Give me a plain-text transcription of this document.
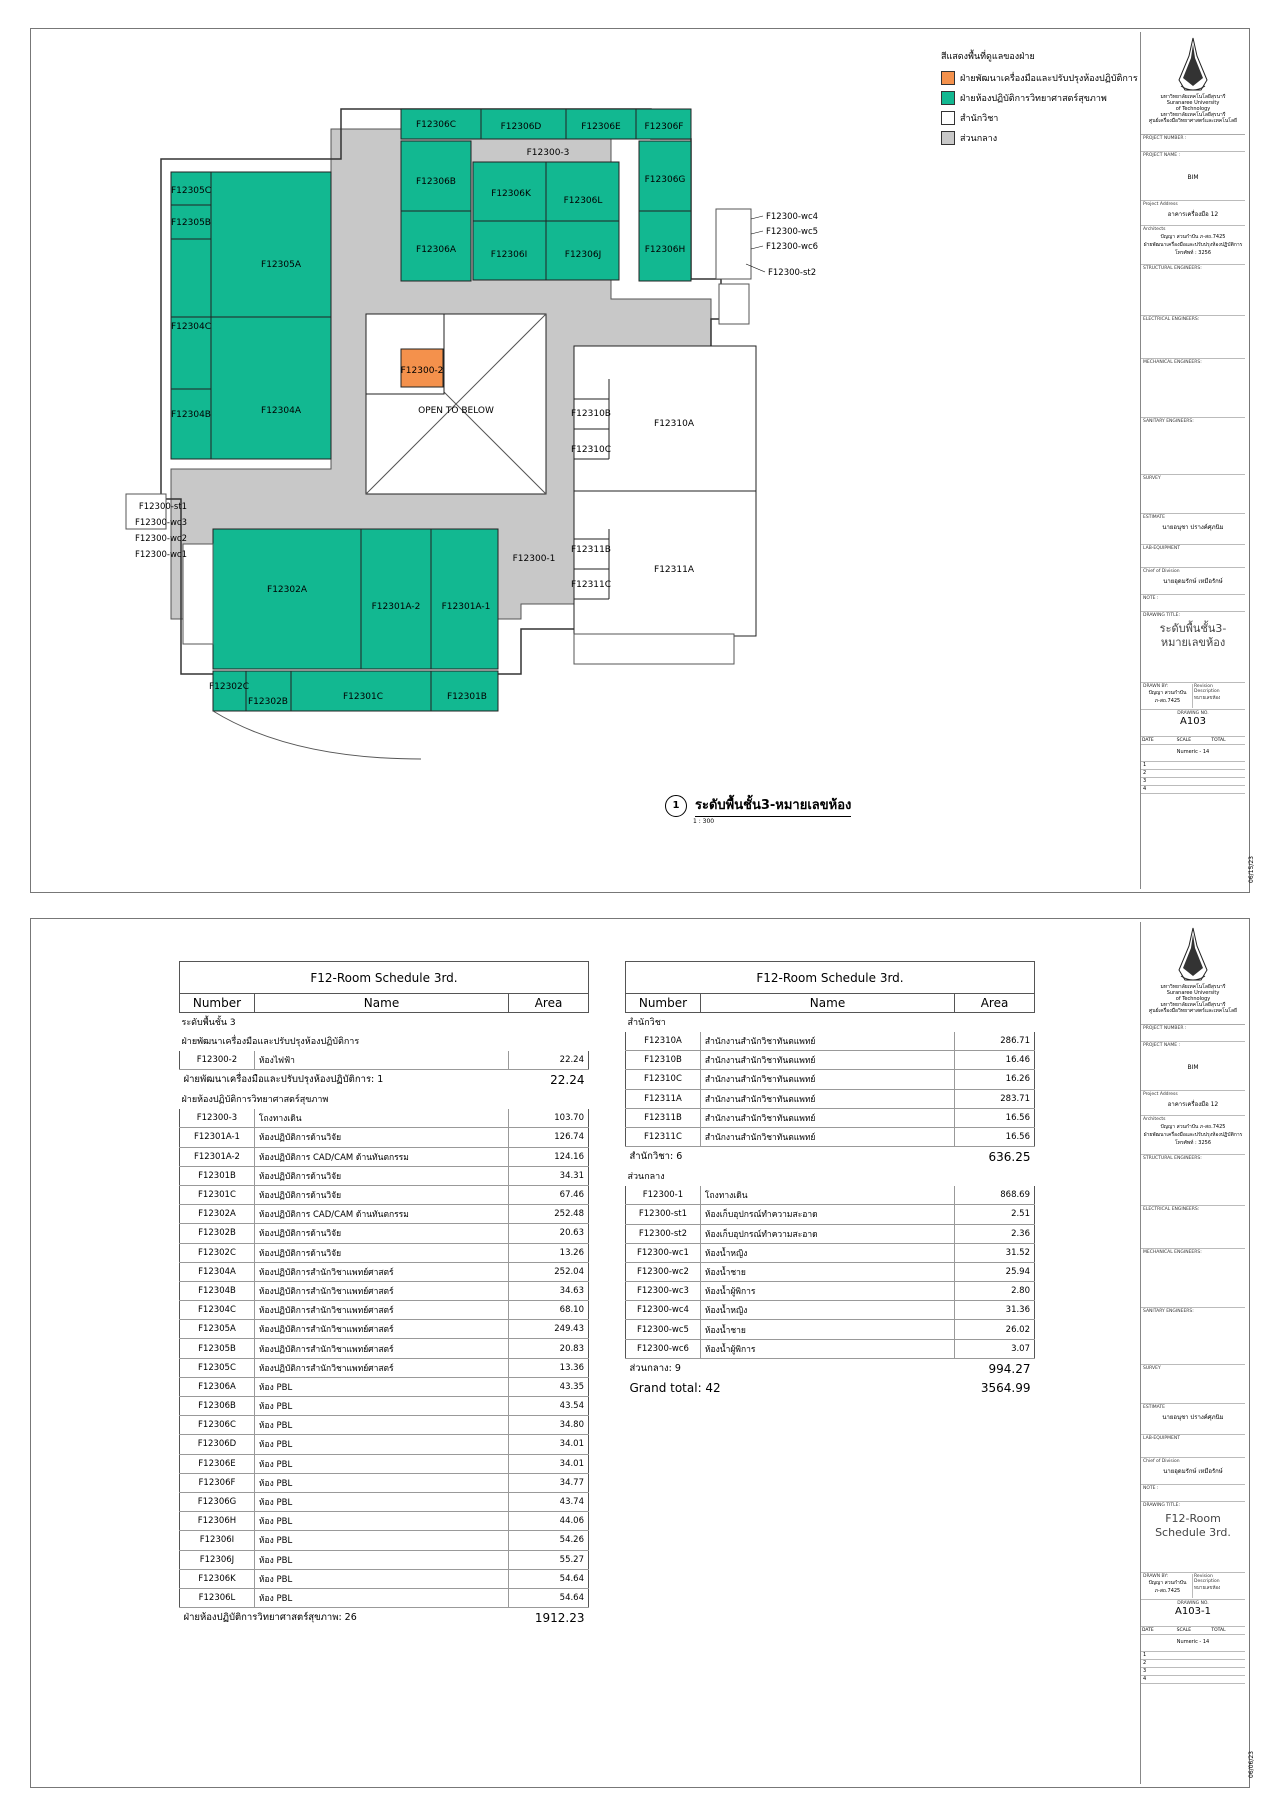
F12306C	F12306D	F12306E	F12306F
F12300-3
F12306B
F12306K
F12306L
F12306G
F12306A	F12306I	F12306J	F12306H
F12305C
F12305B
F12305A
F12304C
F12304A
F12304B
F12300-2
OPEN TO BELOW	F12310B
F12310A
F12310C
F12311B
F12311A
F12311C
F12302A
F12301A-2 F12301A-1
F12300-1
F12302C
F12302B	F12301C	F12301B
F12300-wc4
F12300-wc5
F12300-wc6
F12300-st2
F12300-st1
F12300-wc3
F12300-wc2
F12300-wc1
สีแสดงพื้นที่ดูแลของฝ่าย
ฝ่ายพัฒนาเครื่องมือและปรับปรุงห้องปฏิบัติการ
ฝ่ายห้องปฏิบัติการวิทยาศาสตร์สุขภาพ
สำนักวิชา
ส่วนกลาง
1	ระดับพื้นชั้น3-หมายเลขห้อง
1 : 300
มหาวิทยาลัยเทคโนโลยีสุรนารี
Suranaree University
of Technology
มหาวิทยาลัยเทคโนโลยีสุรนารี
ศูนย์เครื่องมือวิทยาศาสตร์และเทคโนโลยี
PROJECT NUMBER :
PROJECT NAME :
BIM
Project Address
อาคารเครื่องมือ 12
Architects
ปัญญา สวนกำปัน ภ-สถ.7425
ฝ่ายพัฒนาเครื่องมือและปรับปรุงห้องปฏิบัติการ
โทรศัพท์ : 3256
STRUCTURAL ENGINEERS:
ELECTRICAL ENGINEERS:
MECHANICAL ENGINEERS:
SANITARY ENGINEERS:
SURVEY
ESTIMATE
นายอนุชา ปรางค์ศุภนิม
LAB-EQUIPMENT
Chief of Division
นายอุดมรักษ์ เหมือรักษ์
NOTE :
DRAWING TITLE:
ระดับพื้นชั้น3-
หมายเลขห้อง
DRAWN BY:
ปัญญา สวนกำปัน
ภ-สถ.7425
Revision
Description
หมายเลขห้อง
DRAWING NO.
A103
DATE	SCALE	TOTAL
Numeric - 14
1
2
3
4
06/15/23
F12-Room Schedule 3rd.		
Number	Name	Area
ระดับพื้นชั้น 3		
ฝ่ายพัฒนาเครื่องมือและปรับปรุงห้องปฏิบัติการ		
F12300-2	ห้องไฟฟ้า	22.24
ฝ่ายพัฒนาเครื่องมือและปรับปรุงห้องปฏิบัติการ: 1		22.24
ฝ่ายห้องปฏิบัติการวิทยาศาสตร์สุขภาพ		
F12300-3	โถงทางเดิน	103.70
F12301A-1	ห้องปฏิบัติการด้านวิจัย	126.74
F12301A-2	ห้องปฏิบัติการ CAD/CAM ด้านทันตกรรม	124.16
F12301B	ห้องปฏิบัติการด้านวิจัย	34.31
F12301C	ห้องปฏิบัติการด้านวิจัย	67.46
F12302A	ห้องปฏิบัติการ CAD/CAM ด้านทันตกรรม	252.48
F12302B	ห้องปฏิบัติการด้านวิจัย	20.63
F12302C	ห้องปฏิบัติการด้านวิจัย	13.26
F12304A	ห้องปฏิบัติการสำนักวิชาแพทย์ศาสตร์	252.04
F12304B	ห้องปฏิบัติการสำนักวิชาแพทย์ศาสตร์	34.63
F12304C	ห้องปฏิบัติการสำนักวิชาแพทย์ศาสตร์	68.10
F12305A	ห้องปฏิบัติการสำนักวิชาแพทย์ศาสตร์	249.43
F12305B	ห้องปฏิบัติการสำนักวิชาแพทย์ศาสตร์	20.83
F12305C	ห้องปฏิบัติการสำนักวิชาแพทย์ศาสตร์	13.36
F12306A	ห้อง PBL	43.35
F12306B	ห้อง PBL	43.54
F12306C	ห้อง PBL	34.80
F12306D	ห้อง PBL	34.01
F12306E	ห้อง PBL	34.01
F12306F	ห้อง PBL	34.77
F12306G	ห้อง PBL	43.74
F12306H	ห้อง PBL	44.06
F12306I	ห้อง PBL	54.26
F12306J	ห้อง PBL	55.27
F12306K	ห้อง PBL	54.64
F12306L	ห้อง PBL	54.64
ฝ่ายห้องปฏิบัติการวิทยาศาสตร์สุขภาพ: 26		1912.23
F12-Room Schedule 3rd.		
Number	Name	Area
สำนักวิชา		
F12310A	สำนักงานสำนักวิชาทันตแพทย์	286.71
F12310B	สำนักงานสำนักวิชาทันตแพทย์	16.46
F12310C	สำนักงานสำนักวิชาทันตแพทย์	16.26
F12311A	สำนักงานสำนักวิชาทันตแพทย์	283.71
F12311B	สำนักงานสำนักวิชาทันตแพทย์	16.56
F12311C	สำนักงานสำนักวิชาทันตแพทย์	16.56
สำนักวิชา: 6		636.25
ส่วนกลาง		
F12300-1	โถงทางเดิน	868.69
F12300-st1	ห้องเก็บอุปกรณ์ทำความสะอาด	2.51
F12300-st2	ห้องเก็บอุปกรณ์ทำความสะอาด	2.36
F12300-wc1	ห้องน้ำหญิง	31.52
F12300-wc2	ห้องน้ำชาย	25.94
F12300-wc3	ห้องน้ำผู้พิการ	2.80
F12300-wc4	ห้องน้ำหญิง	31.36
F12300-wc5	ห้องน้ำชาย	26.02
F12300-wc6	ห้องน้ำผู้พิการ	3.07
ส่วนกลาง: 9		994.27
Grand total: 42		3564.99
มหาวิทยาลัยเทคโนโลยีสุรนารี
Suranaree University
of Technology
มหาวิทยาลัยเทคโนโลยีสุรนารี
ศูนย์เครื่องมือวิทยาศาสตร์และเทคโนโลยี
PROJECT NUMBER :
PROJECT NAME :
BIM
Project Address
อาคารเครื่องมือ 12
Architects
ปัญญา สวนกำปัน ภ-สถ.7425
ฝ่ายพัฒนาเครื่องมือและปรับปรุงห้องปฏิบัติการ
โทรศัพท์ : 3256
STRUCTURAL ENGINEERS:
ELECTRICAL ENGINEERS:
MECHANICAL ENGINEERS:
SANITARY ENGINEERS:
SURVEY
ESTIMATE
นายอนุชา ปรางค์ศุภนิม
LAB-EQUIPMENT
Chief of Division
นายอุดมรักษ์ เหมือรักษ์
NOTE :
DRAWING TITLE:
F12-Room
Schedule 3rd.
DRAWN BY:
ปัญญา สวนกำปัน
ภ-สถ.7425
Revision
Description
หมายเลขห้อง
DRAWING NO.
A103-1
DATE	SCALE	TOTAL
Numeric - 14
1
2
3
4
06/06/23
